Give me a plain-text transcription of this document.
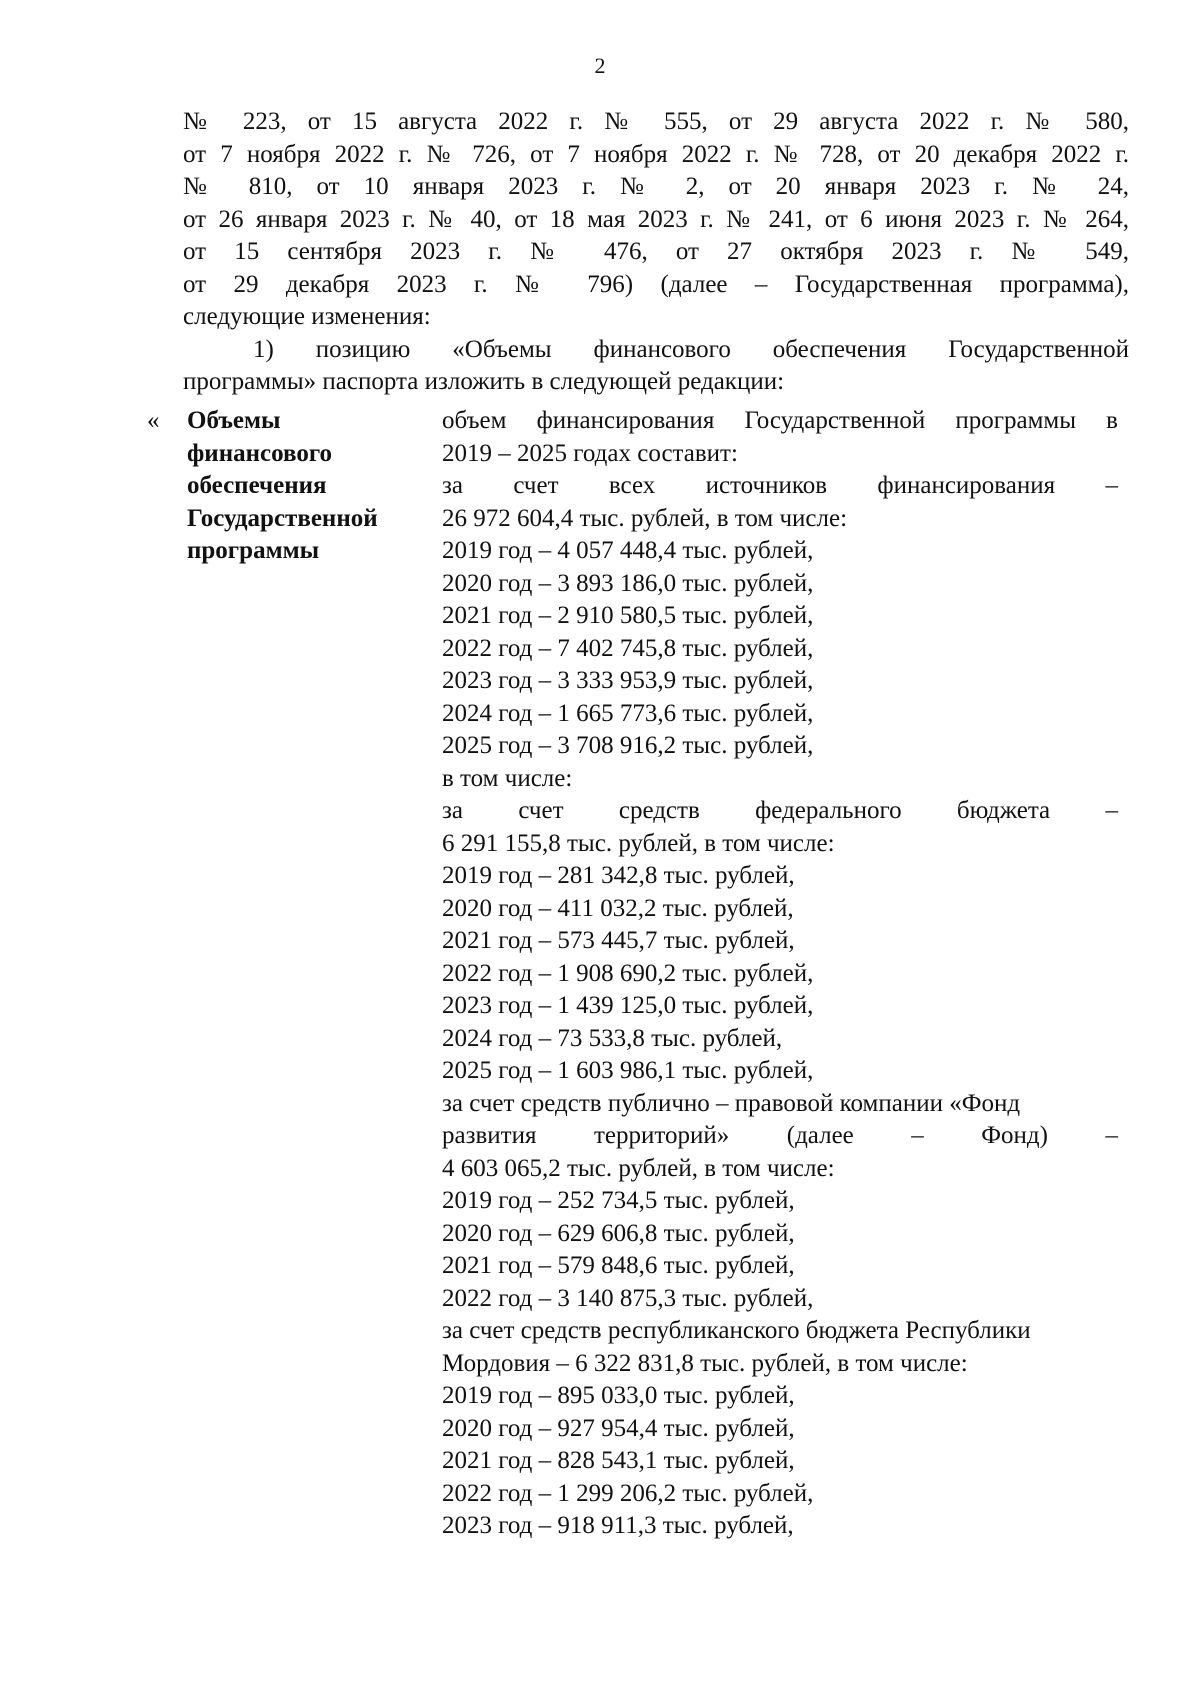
2

№ 223, от 15 августа 2022 г. № 555, от 29 августа 2022 г. № 580,

от 7 ноября 2022 г. № 726, от 7 ноября 2022 г. № 728, от 20 декабря 2022 г.

№ 810, от 10 января 2023 г. № 2, от 20 января 2023 г. № 24,

от 26 января 2023 г. № 40, от 18 мая 2023 г. № 241, от 6 июня 2023 г. № 264,

от 15 сентября 2023 г. № 476, от 27 октября 2023 г. № 549,

от 29 декабря 2023 г. № 796) (далее – Государственная программа),

следующие изменения:

1) позицию «Объемы финансового обеспечения Государственной

программы» паспорта изложить в следующей редакции:

« Объемы
финансового
обеспечения
Государственной
программы
объем финансирования Государственной программы в
2019 – 2025 годах составит:
за счет всех источников финансирования –
26 972 604,4 тыс. рублей, в том числе:
2019 год – 4 057 448,4 тыс. рублей,
2020 год – 3 893 186,0 тыс. рублей,
2021 год – 2 910 580,5 тыс. рублей,
2022 год – 7 402 745,8 тыс. рублей,
2023 год – 3 333 953,9 тыс. рублей,
2024 год – 1 665 773,6 тыс. рублей,
2025 год – 3 708 916,2 тыс. рублей,
в том числе:
за счет средств федерального бюджета –
6 291 155,8 тыс. рублей, в том числе:
2019 год – 281 342,8 тыс. рублей,
2020 год – 411 032,2 тыс. рублей,
2021 год – 573 445,7 тыс. рублей,
2022 год – 1 908 690,2 тыс. рублей,
2023 год – 1 439 125,0 тыс. рублей,
2024 год – 73 533,8 тыс. рублей,
2025 год – 1 603 986,1 тыс. рублей,
за счет средств публично – правовой компании «Фонд
развития территорий» (далее – Фонд) –
4 603 065,2 тыс. рублей, в том числе:
2019 год – 252 734,5 тыс. рублей,
2020 год – 629 606,8 тыс. рублей,
2021 год – 579 848,6 тыс. рублей,
2022 год – 3 140 875,3 тыс. рублей,
за счет средств республиканского бюджета Республики
Мордовия – 6 322 831,8 тыс. рублей, в том числе:
2019 год – 895 033,0 тыс. рублей,
2020 год – 927 954,4 тыс. рублей,
2021 год – 828 543,1 тыс. рублей,
2022 год – 1 299 206,2 тыс. рублей,
2023 год – 918 911,3 тыс. рублей,
